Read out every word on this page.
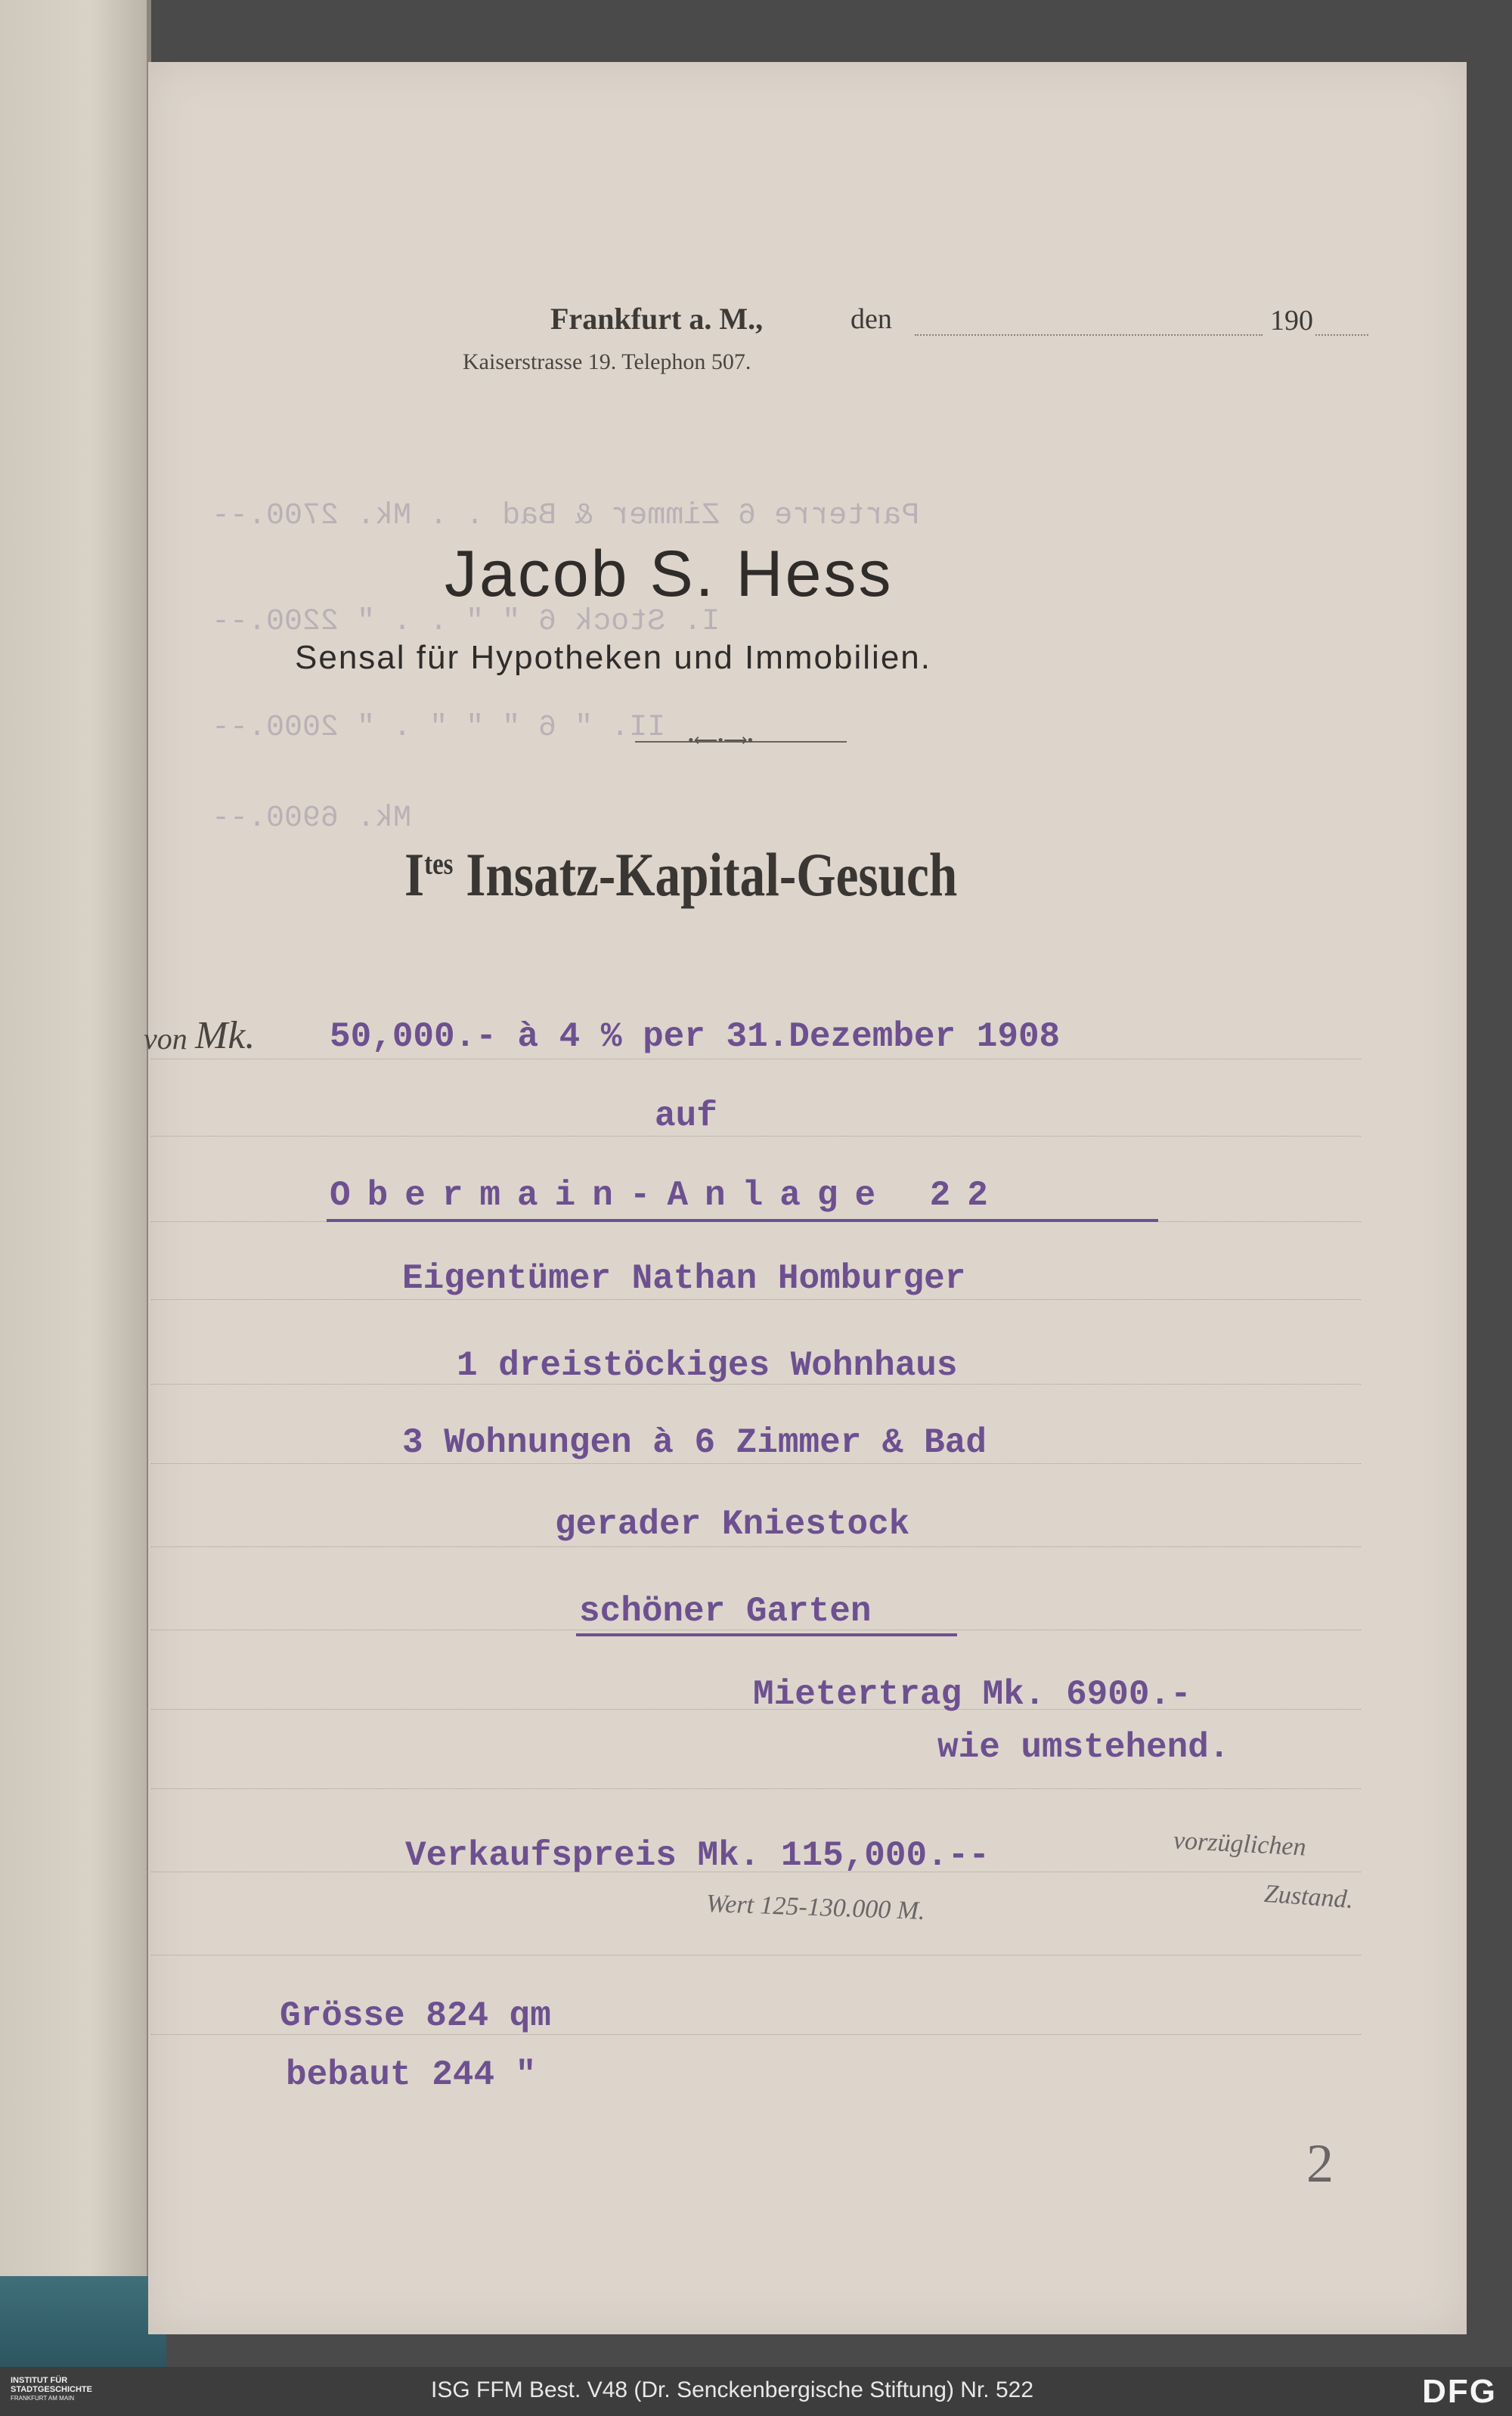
Frankfurt a. M.,	den	190
Kaiserstrasse 19. Telephon 507.
Parterre 6 Zimmer & Bad . . Mk. 2700.--
I. Stock 6 " " . . " 2200.--
II. " 6 " " " . " 2000.--
Mk. 6900.--
Jacob S. Hess
Sensal für Hypotheken und Immobilien.
•⟵•⟶•
$I^{tes}$ Insatz-Kapital-Gesuch
von Mk. 50,000.- à 4 % per 31.Dezember 1908
auf
Obermain-Anlage 22
Eigentümer Nathan Homburger
1 dreistöckiges Wohnhaus
3 Wohnungen à 6 Zimmer & Bad
gerader Kniestock
schöner Garten
Mietertrag Mk. 6900.-
wie umstehend.
Verkaufspreis Mk. 115,000.--	vorzüglichen
Wert 125-130.000 M.	Zustand.
Grösse 824 qm
bebaut 244 "
2
INSTITUT FÜR
STADTGESCHICHTE
FRANKFURT AM MAIN	ISG FFM Best. V48 (Dr. Senckenbergische Stiftung) Nr. 522	DFG
